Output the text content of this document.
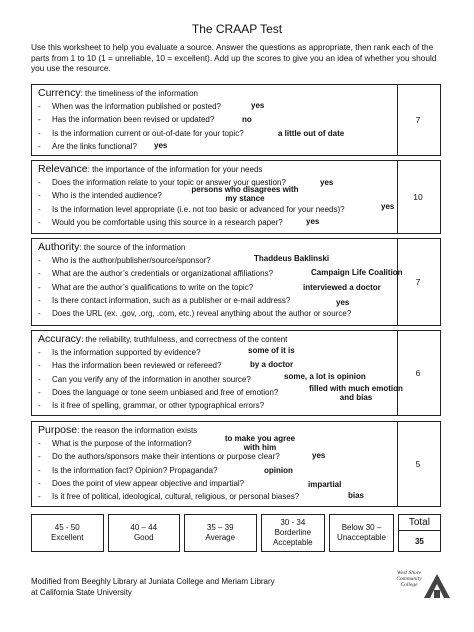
The CRAAP Test
Use this worksheet to help you evaluate a source. Answer the questions as appropriate, then rank each of the parts from 1 to 10 (1 = unreliable, 10 = excellent). Add up the scores to give you an idea of whether you should you use the resource.
Currency: the timeliness of the information
- When was the information published or posted?	yes
- Has the information been revised or updated?	no
- Is the information current or out-of-date for your topic?	a little out of date
- Are the links functional? yes
7
Relevance: the importance of the information for your needs
- Does the information relate to your topic or answer your question?	yes
- Who is the intended audience?
persons who disagrees with my stance
- Is the information level appropriate (i.e. not too basic or advanced for your needs)?	yes
- Would you be comfortable using this source in a research paper?	yes
10
Authority: the source of the information
- Who is the author/publisher/source/sponsor?	Thaddeus Baklinski
- What are the author’s credentials or organizational affiliations?	Campaign Life Coalition
- What are the author’s qualifications to write on the topic?	interviewed a doctor
- Is there contact information, such as a publisher or e-mail address?	yes
- Does the URL (ex. .gov, .org, .com, etc.) reveal anything about the author or source?
7
Accuracy: the reliability, truthfulness, and correctness of the content
- Is the information supported by evidence?	some of it is
- Has the information been reviewed or refereed?	by a doctor
- Can you verify any of the information in another source?	some, a lot is opinion
- Does the language or tone seem unbiased and free of emotion?	filled with much emotion and bias
- Is it free of spelling, grammar, or other typographical errors?
6
Purpose: the reason the information exists
- What is the purpose of the information?
to make you agree with him
- Do the authors/sponsors make their intentions or purpose clear?	yes
- Is the information fact? Opinion? Propaganda?	opinion
- Does the point of view appear objective and impartial?	impartial
- Is it free of political, ideological, cultural, religious, or personal biases?	bias
5
45 - 50
Excellent
40 – 44
Good
35 – 39
Average
30 - 34
Borderline Acceptable
Below 30 –
Unacceptable
Total
35
Modified from Beeghly Library at Juniata College and Meriam Library
at California State University
West Shore
Community
College
